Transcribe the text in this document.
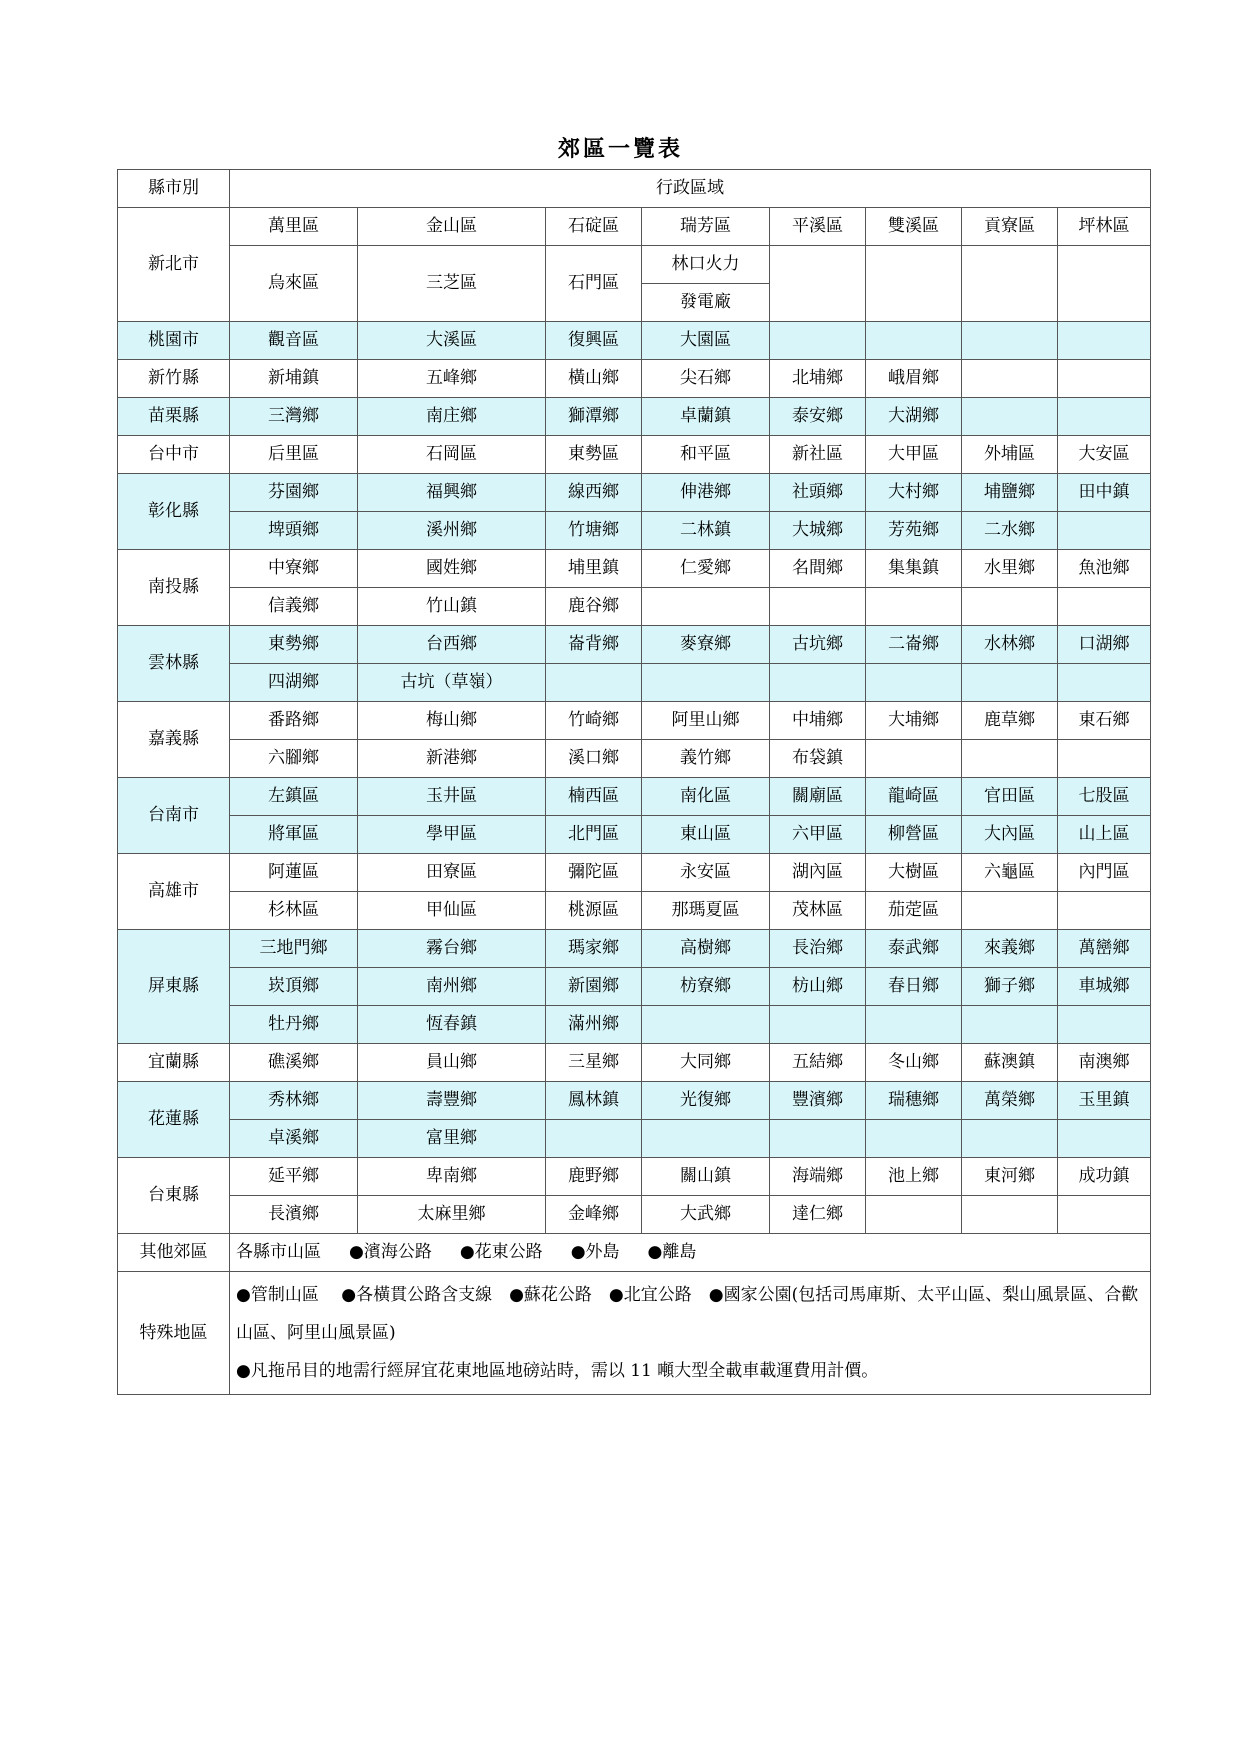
郊區一覽表
縣市別	行政區域							
新北市	萬里區	金山區	石碇區	瑞芳區	平溪區	雙溪區	貢寮區	坪林區
	烏來區	三芝區	石門區	林口火力				
				發電廠				
桃園市	觀音區	大溪區	復興區	大園區				
新竹縣	新埔鎮	五峰鄉	橫山鄉	尖石鄉	北埔鄉	峨眉鄉		
苗栗縣	三灣鄉	南庄鄉	獅潭鄉	卓蘭鎮	泰安鄉	大湖鄉		
台中市	后里區	石岡區	東勢區	和平區	新社區	大甲區	外埔區	大安區
彰化縣	芬園鄉	福興鄉	線西鄉	伸港鄉	社頭鄉	大村鄉	埔鹽鄉	田中鎮
	埤頭鄉	溪州鄉	竹塘鄉	二林鎮	大城鄉	芳苑鄉	二水鄉	
南投縣	中寮鄉	國姓鄉	埔里鎮	仁愛鄉	名間鄉	集集鎮	水里鄉	魚池鄉
	信義鄉	竹山鎮	鹿谷鄉					
雲林縣	東勢鄉	台西鄉	崙背鄉	麥寮鄉	古坑鄉	二崙鄉	水林鄉	口湖鄉
	四湖鄉	古坑（草嶺）						
嘉義縣	番路鄉	梅山鄉	竹崎鄉	阿里山鄉	中埔鄉	大埔鄉	鹿草鄉	東石鄉
	六腳鄉	新港鄉	溪口鄉	義竹鄉	布袋鎮			
台南市	左鎮區	玉井區	楠西區	南化區	關廟區	龍崎區	官田區	七股區
	將軍區	學甲區	北門區	東山區	六甲區	柳營區	大內區	山上區
高雄市	阿蓮區	田寮區	彌陀區	永安區	湖內區	大樹區	六龜區	內門區
	杉林區	甲仙區	桃源區	那瑪夏區	茂林區	茄萣區		
屏東縣	三地門鄉	霧台鄉	瑪家鄉	高樹鄉	長治鄉	泰武鄉	來義鄉	萬巒鄉
	崁頂鄉	南州鄉	新園鄉	枋寮鄉	枋山鄉	春日鄉	獅子鄉	車城鄉
	牡丹鄉	恆春鎮	滿州鄉					
宜蘭縣	礁溪鄉	員山鄉	三星鄉	大同鄉	五結鄉	冬山鄉	蘇澳鎮	南澳鄉
花蓮縣	秀林鄉	壽豐鄉	鳳林鎮	光復鄉	豐濱鄉	瑞穗鄉	萬榮鄉	玉里鎮
	卓溪鄉	富里鄉						
台東縣	延平鄉	卑南鄉	鹿野鄉	關山鎮	海端鄉	池上鄉	東河鄉	成功鎮
	長濱鄉	太麻里鄉	金峰鄉	大武鄉	達仁鄉			
其他郊區	各縣市山區 ●濱海公路 ●花東公路 ●外島 ●離島							
特殊地區	●管制山區　 ●各橫貫公路含支線　●蘇花公路　●北宜公路　●國家公園(包括司馬庫斯、太平山區、梨山風景區、合歡山區、阿里山風景區)
●凡拖吊目的地需行經屏宜花東地區地磅站時，需以 11 噸大型全載車載運費用計價。							
